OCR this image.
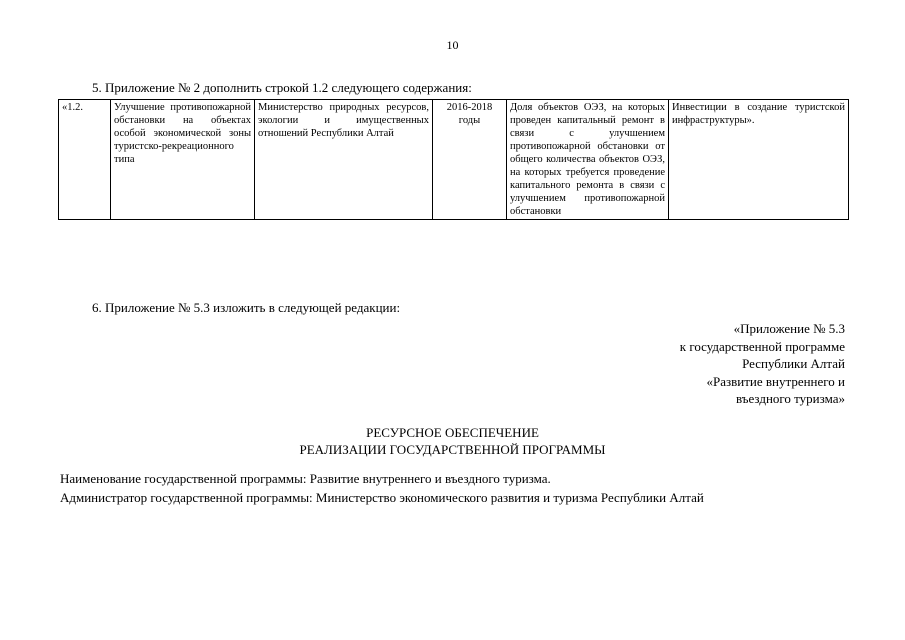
10
5. Приложение № 2 дополнить строкой 1.2 следующего содержания:
«1.2.	Улучшение противопожарной обстановки на объектах особой экономической зоны туристско-рекреационного типа	Министерство природных ресурсов, экологии и имущественных отношений Республики Алтай	2016-2018 годы	Доля объектов ОЭЗ, на которых проведен капитальный ремонт в связи с улучшением противопожарной обстановки от общего количества объектов ОЭЗ, на которых требуется проведение капитального ремонта в связи с улучшением противопожарной обстановки	Инвестиции в создание туристской инфраструктуры».
6. Приложение № 5.3 изложить в следующей редакции:
«Приложение № 5.3
к государственной программе
Республики Алтай
«Развитие внутреннего и
въездного туризма»
РЕСУРСНОЕ ОБЕСПЕЧЕНИЕ
РЕАЛИЗАЦИИ ГОСУДАРСТВЕННОЙ ПРОГРАММЫ
Наименование государственной программы: Развитие внутреннего и въездного туризма.
Администратор государственной программы: Министерство экономического развития и туризма Республики Алтай
